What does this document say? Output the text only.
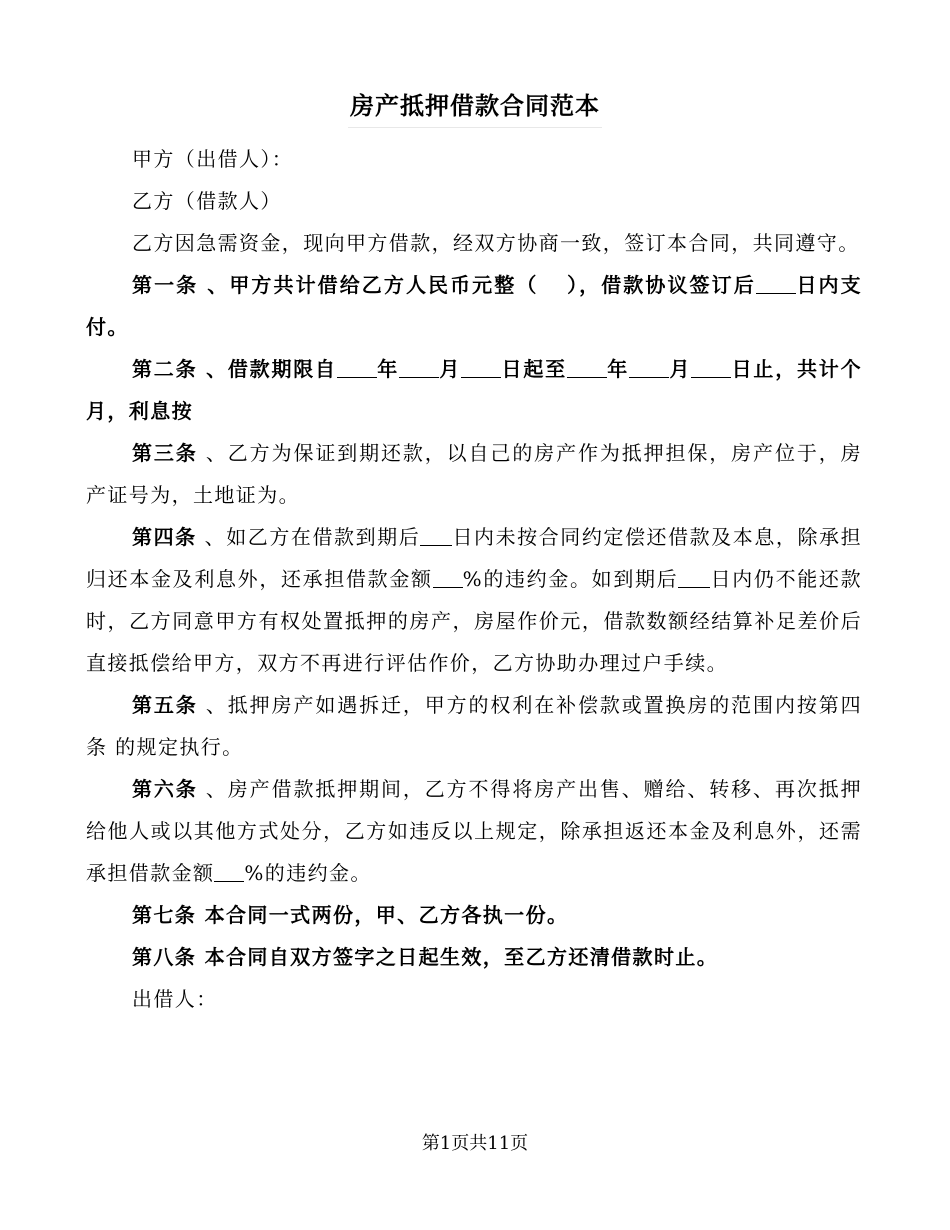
房产抵押借款合同范本

甲方（出借人）：

乙方（借款人）

乙方因急需资金，现向甲方借款，经双方协商一致，签订本合同，共同遵守。

第一条 、甲方共计借给乙方人民币元整（ ），借款协议签订后 日内支付。

第二条 、借款期限自 年 月 日起至 年 月 日止，共计个月，利息按

第三条 、乙方为保证到期还款，以自己的房产作为抵押担保，房产位于，房产证号为，土地证为。

第四条 、如乙方在借款到期后 日内未按合同约定偿还借款及本息，除承担归还本金及利息外，还承担借款金额 %的违约金。如到期后 日内仍不能还款时，乙方同意甲方有权处置抵押的房产，房屋作价元，借款数额经结算补足差价后直接抵偿给甲方，双方不再进行评估作价，乙方协助办理过户手续。

第五条 、抵押房产如遇拆迁，甲方的权利在补偿款或置换房的范围内按第四条 的规定执行。

第六条 、房产借款抵押期间，乙方不得将房产出售、赠给、转移、再次抵押给他人或以其他方式处分，乙方如违反以上规定，除承担返还本金及利息外，还需承担借款金额 %的违约金。

第七条 本合同一式两份，甲、乙方各执一份。

第八条 本合同自双方签字之日起生效，至乙方还清借款时止。

出借人：

第1页共11页
